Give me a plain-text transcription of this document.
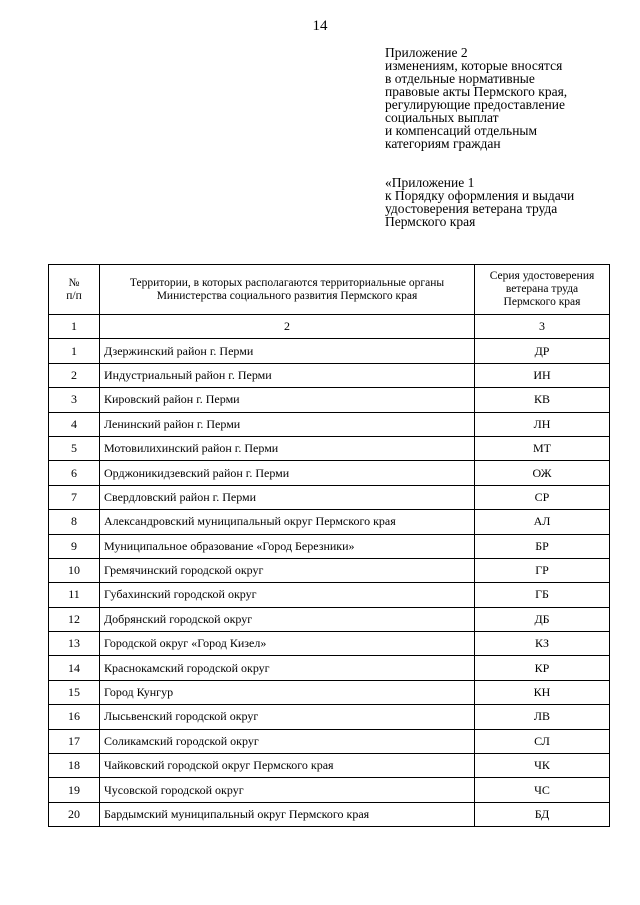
14
Приложение 2
изменениям, которые вносятся
в отдельные нормативные
правовые акты Пермского края,
регулирующие предоставление
социальных выплат
и компенсаций отдельным
категориям граждан
«Приложение 1
к Порядку оформления и выдачи
удостоверения ветерана труда
Пермского края
№
п/п	Территории, в которых располагаются территориальные органы Министерства социального развития Пермского края	Серия удостоверения ветерана труда Пермского края
1	2	3
1	Дзержинский район г. Перми	ДР
2	Индустриальный район г. Перми	ИН
3	Кировский район г. Перми	КВ
4	Ленинский район г. Перми	ЛН
5	Мотовилихинский район г. Перми	МТ
6	Орджоникидзевский район г. Перми	ОЖ
7	Свердловский район г. Перми	СР
8	Александровский муниципальный округ Пермского края	АЛ
9	Муниципальное образование «Город Березники»	БР
10	Гремячинский городской округ	ГР
11	Губахинский городской округ	ГБ
12	Добрянский городской округ	ДБ
13	Городской округ «Город Кизел»	КЗ
14	Краснокамский городской округ	КР
15	Город Кунгур	КН
16	Лысьвенский городской округ	ЛВ
17	Соликамский городской округ	СЛ
18	Чайковский городской округ Пермского края	ЧК
19	Чусовской городской округ	ЧС
20	Бардымский муниципальный округ Пермского края	БД
